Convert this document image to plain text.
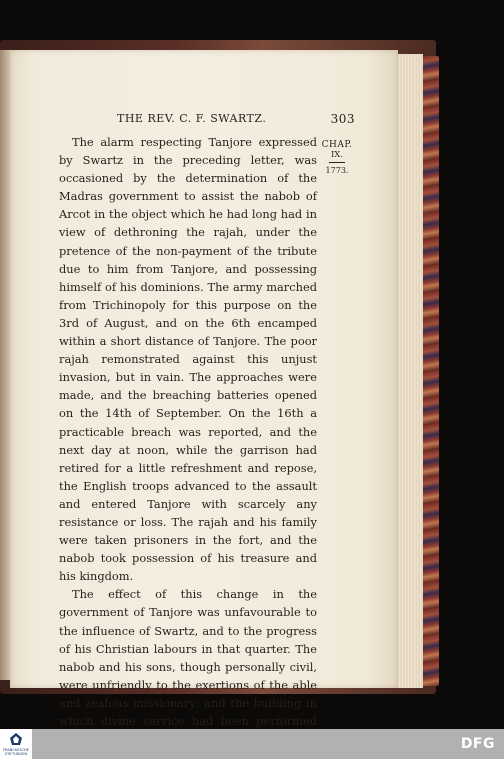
THE REV. C. F. SWARTZ.	303
CHAP.
IX.
1773.

The alarm respecting Tanjore expressed by Swartz in the preceding letter, was occasioned by the determination of the Madras government to assist the nabob of Arcot in the object which he had long had in view of dethroning the rajah, under the pretence of the non-payment of the tribute due to him from Tanjore, and possessing himself of his dominions. The army marched from Trichinopoly for this purpose on the 3rd of August, and on the 6th encamped within a short distance of Tanjore. The poor rajah remonstrated against this unjust invasion, but in vain. The approaches were made, and the breaching batteries opened on the 14th of September. On the 16th a practicable breach was reported, and the next day at noon, while the garrison had retired for a little refreshment and repose, the English troops advanced to the assault and entered Tanjore with scarcely any resistance or loss. The rajah and his family were taken prisoners in the fort, and the nabob took possession of his treasure and his kingdom.

The effect of this change in the government of Tanjore was unfavourable to the influence of Swartz, and to the progress of his Christian labours in that quarter. The nabob and his sons, though personally civil, were unfriendly to the exertions of the able and zealous missionary; and the building in which divine service had been performed

FRANCKESCHE STIFTUNGEN
DFG
